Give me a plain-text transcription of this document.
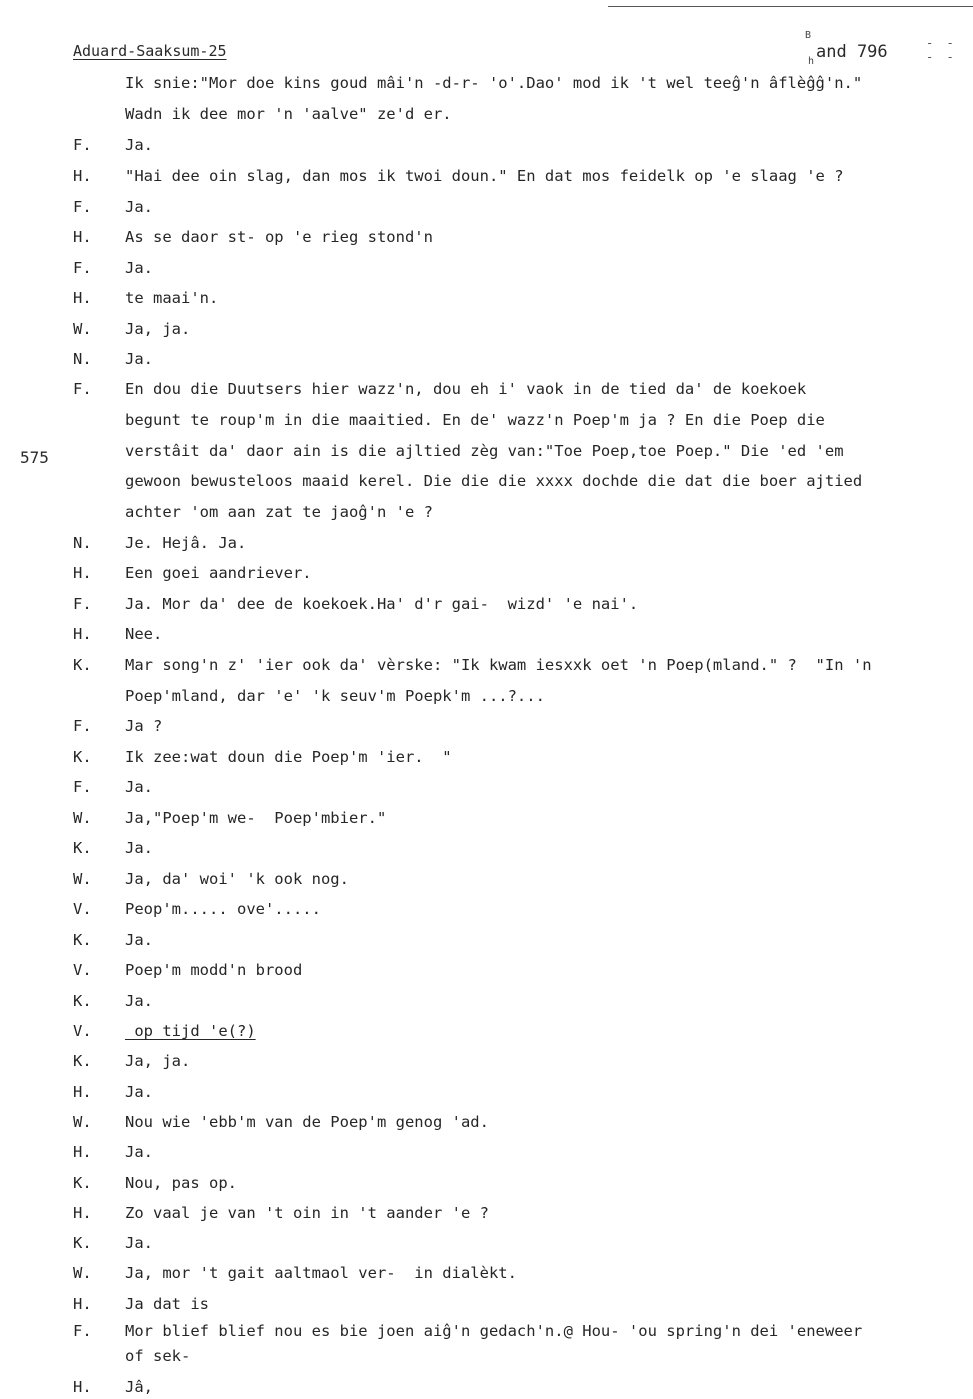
- - - -
Aduard-Saaksum-25
B
h and 796
575
Ik snie:"Mor doe kins goud mâi'n -d-r- 'o'.Dao' mod ik 't wel teeĝ'n âflèĝĝ'n."
Wadn ik dee mor 'n 'aalve" ze'd er.
F.	Ja.
H.	"Hai dee oin slag, dan mos ik twoi doun." En dat mos feidelk op 'e slaag 'e ?
F.	Ja.
H.	As se daor st- op 'e rieg stond'n
F.	Ja.
H.	te maai'n.
W.	Ja, ja.
N.	Ja.
F.	En dou die Duutsers hier wazz'n, dou eh i' vaok in de tied da' de koekoek
begunt te roup'm in die maaitied. En de' wazz'n Poep'm ja ? En die Poep die
verstâit da' daor ain is die ajltied zèg van:"Toe Poep,toe Poep." Die 'ed 'em
gewoon bewusteloos maaid kerel. Die die die xxxx dochde die dat die boer ajtied
achter 'om aan zat te jaoĝ'n 'e ?
N.	Je. Hejâ. Ja.
H.	Een goei aandriever.
F.	Ja. Mor da' dee de koekoek.Ha' d'r gai-  wizd' 'e nai'.
H.	Nee.
K.	Mar song'n z' 'ier ook da' vèrske: "Ik kwam iesxxk oet 'n Poep(mland." ?  "In 'n
Poep'mland, dar 'e' 'k seuv'm Poepk'm ...?...
F.	Ja ?
K.	Ik zee:wat doun die Poep'm 'ier.  "
F.	Ja.
W.	Ja,"Poep'm we-  Poep'mbier."
K.	Ja.
W.	Ja, da' woi' 'k ook nog.
V.	Peop'm..... ove'.....
K.	Ja.
V.	Poep'm modd'n brood
K.	Ja.
V.	op tijd 'e(?)
K.	Ja, ja.
H.	Ja.
W.	Nou wie 'ebb'm van de Poep'm genog 'ad.
H.	Ja.
K.	Nou, pas op.
H.	Zo vaal je van 't oin in 't aander 'e ?
K.	Ja.
W.	Ja, mor 't gait aaltmaol ver-  in dialèkt.
H.	Ja dat is
F.	Mor blief blief nou es bie joen aiĝ'n gedach'n.@ Hou- 'ou spring'n dei 'eneweer
of sek-
H.	Jâ,
